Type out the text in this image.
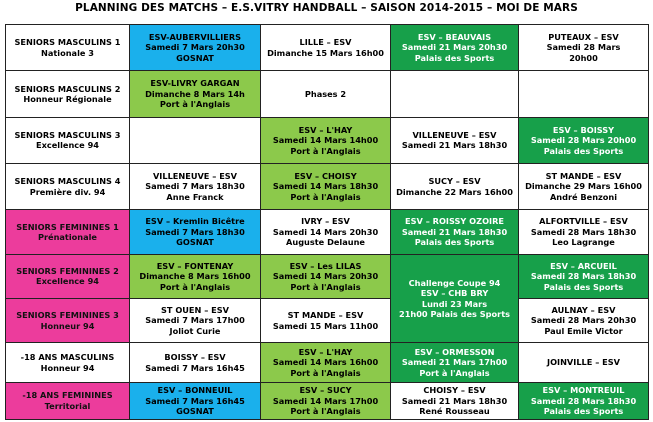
PLANNING DES MATCHS – E.S.VITRY HANDBALL – SAISON 2014-2015 – MOI DE MARS
SENIORS MASCULINS 1
Nationale 3	ESV-AUBERVILLIERS
Samedi 7 Mars 20h30
GOSNAT	LILLE – ESV
Dimanche 15 Mars 16h00	ESV – BEAUVAIS
Samedi 21 Mars 20h30
Palais des Sports	PUTEAUX – ESV
Samedi 28 Mars
20h00

SENIORS MASCULINS 2
Honneur Régionale	ESV-LIVRY GARGAN
Dimanche 8 Mars 14h
Port à l'Anglais	Phases 2		

SENIORS MASCULINS 3
Excellence 94		ESV – L'HAY
Samedi 14 Mars 14h00
Port à l'Anglais	VILLENEUVE – ESV
Samedi 21 Mars 18h30	ESV – BOISSY
Samedi 28 Mars 20h00
Palais des Sports

SENIORS MASCULINS 4
Première div. 94	VILLENEUVE – ESV
Samedi 7 Mars 18h30
Anne Franck	ESV – CHOISY
Samedi 14 Mars 18h30
Port à l'Anglais	SUCY – ESV
Dimanche 22 Mars 16h00	ST MANDE – ESV
Dimanche 29 Mars 16h00
André Benzoni

SENIORS FEMININES 1
Prénationale	ESV – Kremlin Bicêtre
Samedi 7 Mars 18h30
GOSNAT	IVRY – ESV
Samedi 14 Mars 20h30
Auguste Delaune	ESV – ROISSY OZOIRE
Samedi 21 Mars 18h30
Palais des Sports	ALFORTVILLE – ESV
Samedi 28 Mars 18h30
Leo Lagrange

SENIORS FEMININES 2
Excellence 94	ESV – FONTENAY
Dimanche 8 Mars 16h00
Port à l'Anglais	ESV – Les LILAS
Samedi 14 Mars 20h30
Port à l'Anglais	Challenge Coupe 94
ESV – CHB BRY
Lundi 23 Mars
21h00 Palais des Sports	ESV – ARCUEIL
Samedi 28 Mars 18h30
Palais des Sports

SENIORS FEMININES 3
Honneur 94	ST OUEN – ESV
Samedi 7 Mars 17h00
Joliot Curie	ST MANDE – ESV
Samedi 15 Mars 11h00		AULNAY – ESV
Samedi 28 Mars 20h30
Paul Emile Victor

-18 ANS MASCULINS
Honneur 94	BOISSY – ESV
Samedi 7 Mars 16h45	ESV – L'HAY
Samedi 14 Mars 16h00
Port à l'Anglais	ESV – ORMESSON
Samedi 21 Mars 17h00
Port à l'Anglais	JOINVILLE – ESV

-18 ANS FEMININES
Territorial	ESV – BONNEUIL
Samedi 7 Mars 16h45
GOSNAT	ESV – SUCY
Samedi 14 Mars 17h00
Port à l'Anglais	CHOISY – ESV
Samedi 21 Mars 18h30
René Rousseau	ESV – MONTREUIL
Samedi 28 Mars 18h30
Palais des Sports
